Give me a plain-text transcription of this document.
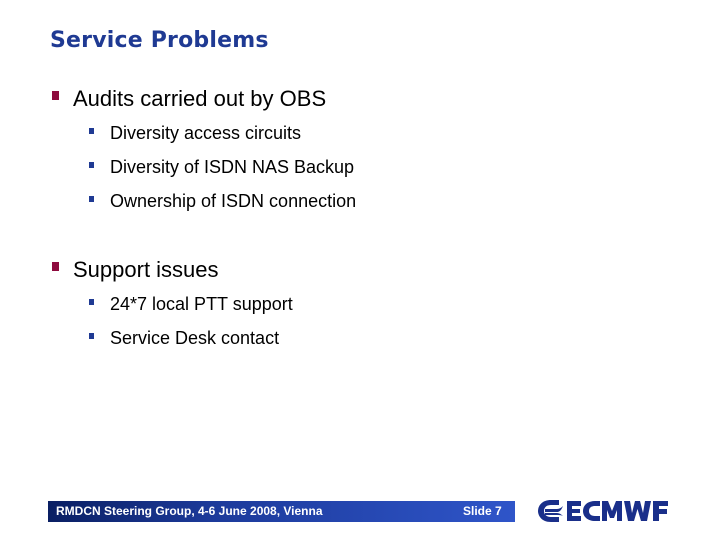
Service Problems
Audits carried out by OBS
Diversity access circuits
Diversity of ISDN NAS Backup
Ownership of ISDN connection
Support issues
24*7 local PTT support
Service Desk contact
RMDCN Steering Group, 4-6 June 2008, Vienna	Slide 7
ECMWF
